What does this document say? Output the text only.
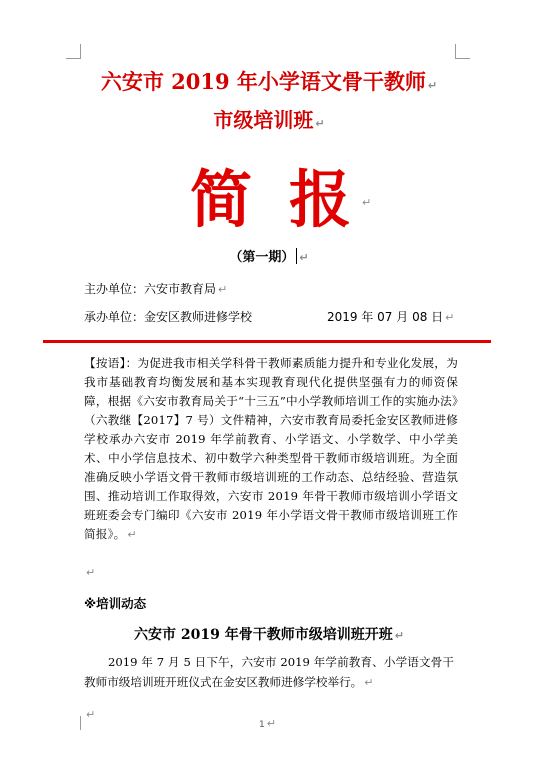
六安市 2019 年小学语文骨干教师 ↵
市级培训班 ↵
简 报 ↵
（第一期） ↵
主办单位：六安市教育局 ↵
承办单位：金安区教师进修学校	2019 年 07 月 08 日 ↵
【按语】：为促进我市相关学科骨干教师素质能力提升和专业化发展，为我市基础教育均衡发展和基本实现教育现代化提供坚强有力的师资保障，根据《六安市教育局关于“十三五”中小学教师培训工作的实施办法》（六教继【2017】7 号）文件精神，六安市教育局委托金安区教师进修学校承办六安市 2019 年学前教育、小学语文、小学数学、中小学美术、中小学信息技术、初中数学六种类型骨干教师市级培训班。为全面准确反映小学语文骨干教师市级培训班的工作动态、总结经验、营造氛围、推动培训工作取得效，六安市 2019 年骨干教师市级培训小学语文班班委会专门编印《六安市 2019 年小学语文骨干教师市级培训班工作简报》。 ↵
↵
※培训动态
六安市 2019 年骨干教师市级培训班开班 ↵
2019 年 7 月 5 日下午，六安市 2019 年学前教育、小学语文骨干教师市级培训班开班仪式在金安区教师进修学校举行。 ↵
1 ↵
↵
